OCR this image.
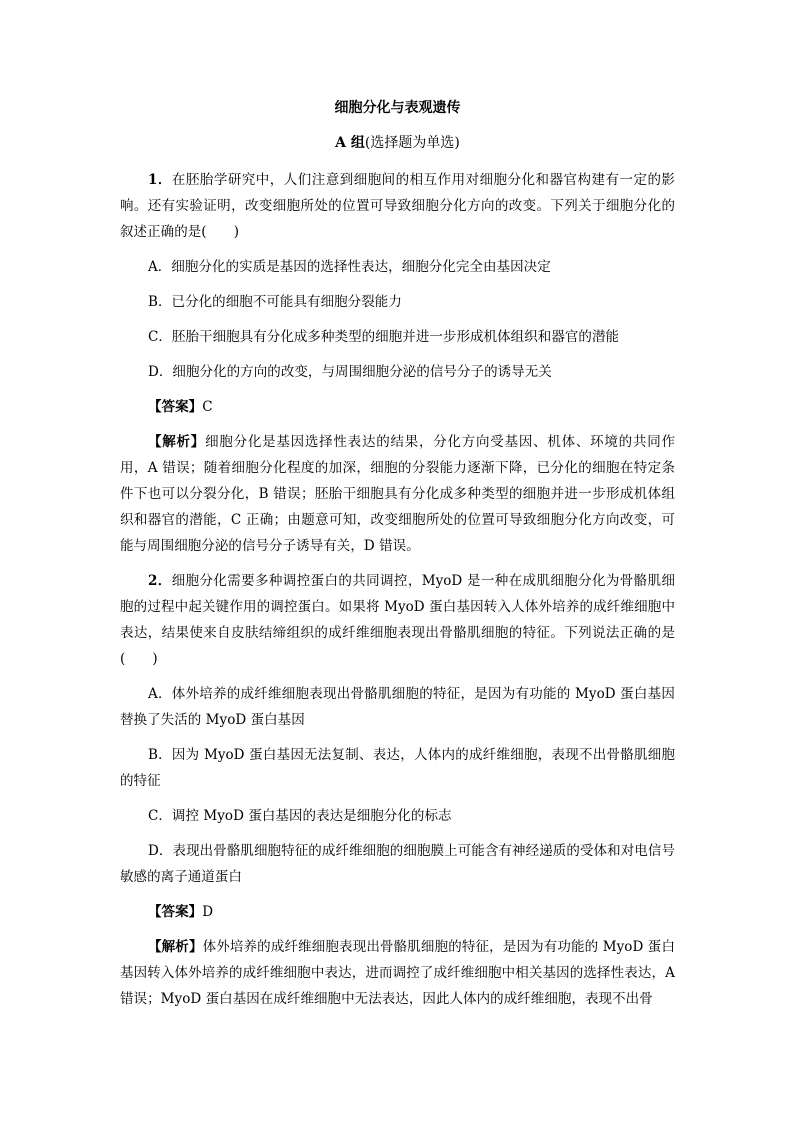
细胞分化与表观遗传
A 组(选择题为单选)

1．在胚胎学研究中，人们注意到细胞间的相互作用对细胞分化和器官构建有一定的影响。还有实验证明，改变细胞所处的位置可导致细胞分化方向的改变。下列关于细胞分化的叙述正确的是(　　)

A．细胞分化的实质是基因的选择性表达，细胞分化完全由基因决定

B．已分化的细胞不可能具有细胞分裂能力

C．胚胎干细胞具有分化成多种类型的细胞并进一步形成机体组织和器官的潜能

D．细胞分化的方向的改变，与周围细胞分泌的信号分子的诱导无关

【答案】C

【解析】细胞分化是基因选择性表达的结果，分化方向受基因、机体、环境的共同作用，A 错误；随着细胞分化程度的加深，细胞的分裂能力逐渐下降，已分化的细胞在特定条件下也可以分裂分化，B 错误；胚胎干细胞具有分化成多种类型的细胞并进一步形成机体组织和器官的潜能，C 正确；由题意可知，改变细胞所处的位置可导致细胞分化方向改变，可能与周围细胞分泌的信号分子诱导有关，D 错误。

2．细胞分化需要多种调控蛋白的共同调控，MyoD 是一种在成肌细胞分化为骨骼肌细胞的过程中起关键作用的调控蛋白。如果将 MyoD 蛋白基因转入人体外培养的成纤维细胞中表达，结果使来自皮肤结缔组织的成纤维细胞表现出骨骼肌细胞的特征。下列说法正确的是(　　)

A．体外培养的成纤维细胞表现出骨骼肌细胞的特征，是因为有功能的 MyoD 蛋白基因替换了失活的 MyoD 蛋白基因

B．因为 MyoD 蛋白基因无法复制、表达，人体内的成纤维细胞，表现不出骨骼肌细胞的特征

C．调控 MyoD 蛋白基因的表达是细胞分化的标志

D．表现出骨骼肌细胞特征的成纤维细胞的细胞膜上可能含有神经递质的受体和对电信号敏感的离子通道蛋白

【答案】D

【解析】体外培养的成纤维细胞表现出骨骼肌细胞的特征，是因为有功能的 MyoD 蛋白基因转入体外培养的成纤维细胞中表达，进而调控了成纤维细胞中相关基因的选择性表达，A 错误；MyoD 蛋白基因在成纤维细胞中无法表达，因此人体内的成纤维细胞，表现不出骨
